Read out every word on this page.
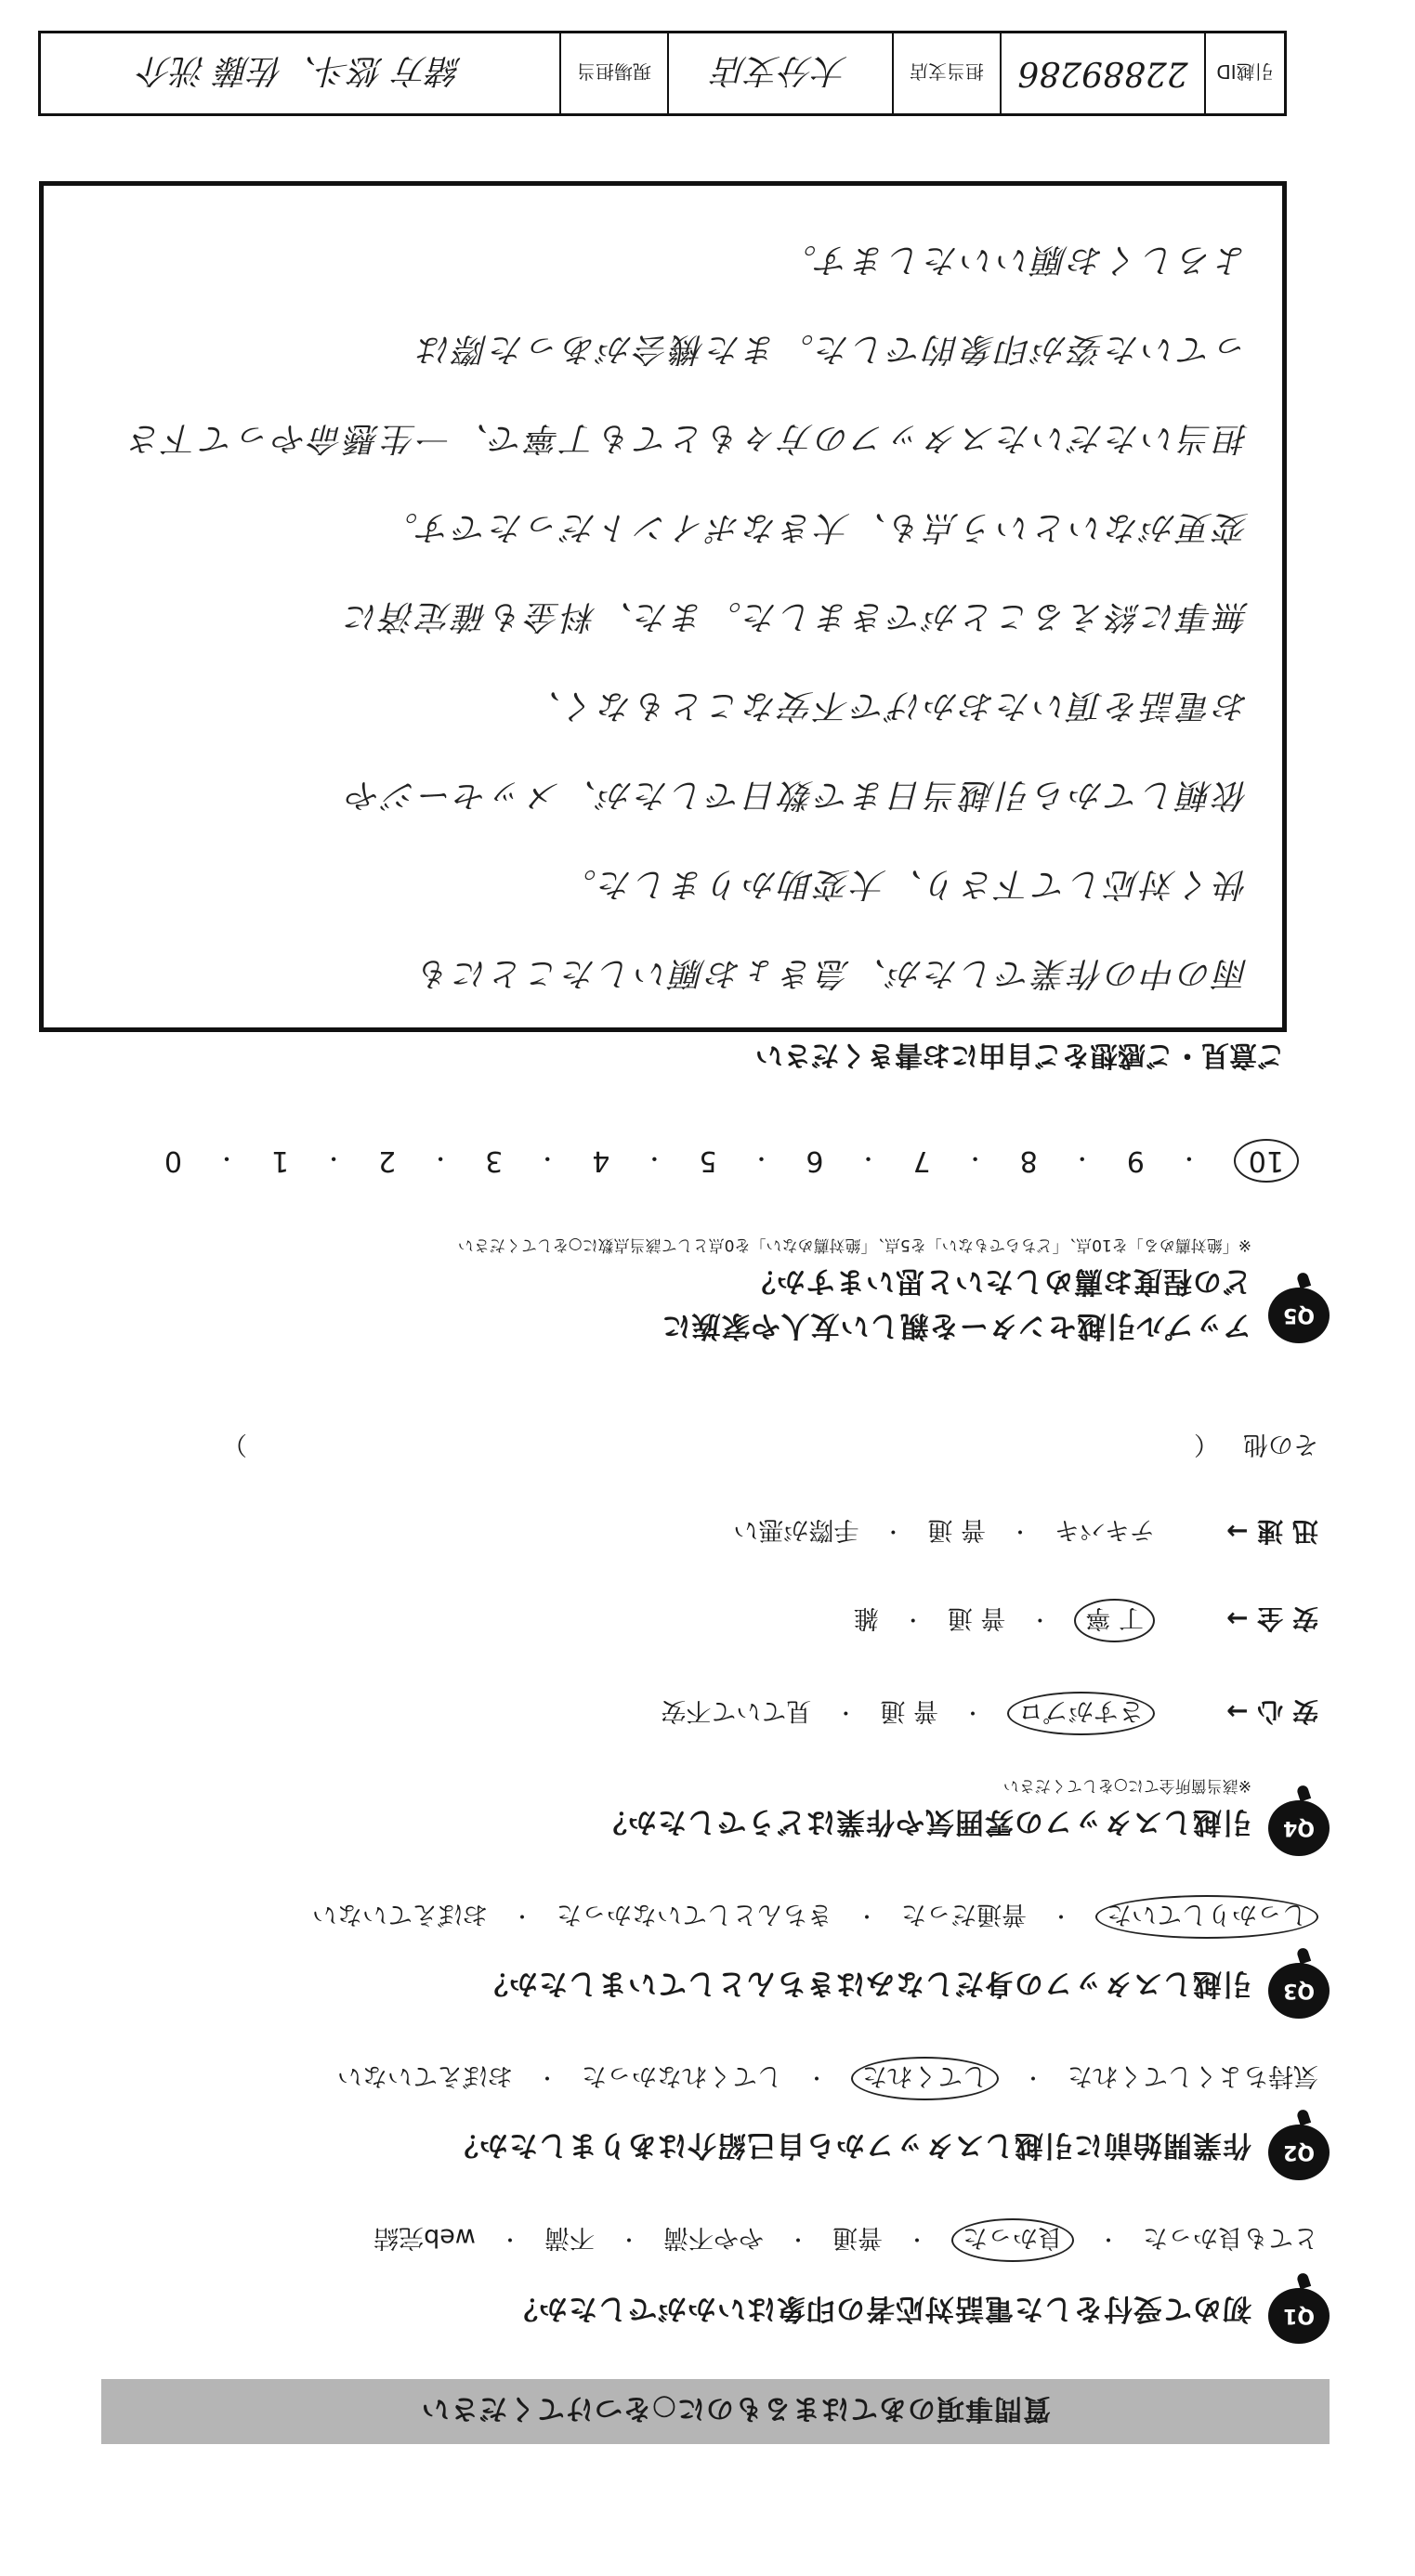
質問事項のあてはまるものに○をつけてください
Q1
初めて受付をした電話対応者の印象はいかがでしたか？
とても良かった
・
良かった
・
普通
・
やや不満
・
不満
・
web完結
Q2
作業開始前に引越しスタッフから自己紹介はありましたか？
気持ちよくしてくれた
・
してくれた
・
してくれなかった
・
おぼえていない
Q3
引越しスタッフの身だしなみはきちんとしていましたか？
しっかりしていた
・
普通だった
・
きちんとしていなかった
・
おぼえていない
Q4
引越しスタッフの雰囲気や作業はどうでしたか？
※該当箇所全てに○をしてください
安 心 →
さすがプロ
・
普 通
・
見ていて不安
安 全 →
丁 寧
・
普 通
・
雑
迅 速 →
テキパキ
・
普 通
・
手際が悪い
その他
（
）
Q5
アップル引越センターを親しい友人や家族に
どの程度お薦めしたいと思いますか？
※「絶対薦める」を10点、「どちらでもない」を5点、「絶対薦めない」を0点として該当点数に○をしてください
10
・
9
・
8
・
7
・
6
・
5
・
4
・
3
・
2
・
1
・
0
ご意見・ご感想をご自由にお書きください
雨の中の作業でしたが、急きょお願いしたことにも
快く対応して下さり、大変助かりました。
依頼してから引越当日まで数日でしたが、メッセージや
お電話を頂いたおかげで不安なこともなく、
無事に終えることができました。また、料金も確定済に
変更がないという点も、大きなポイントだったです。
担当いただいたスタッフの方々もとても丁寧で、一生懸命やって下さ
っていた姿が印象的でした。また機会があった際は
よろしくお願いいたします。
引越ID
22889286
担当支店
大分支店
現場担当
緒方 悠斗、佐藤 洸介
